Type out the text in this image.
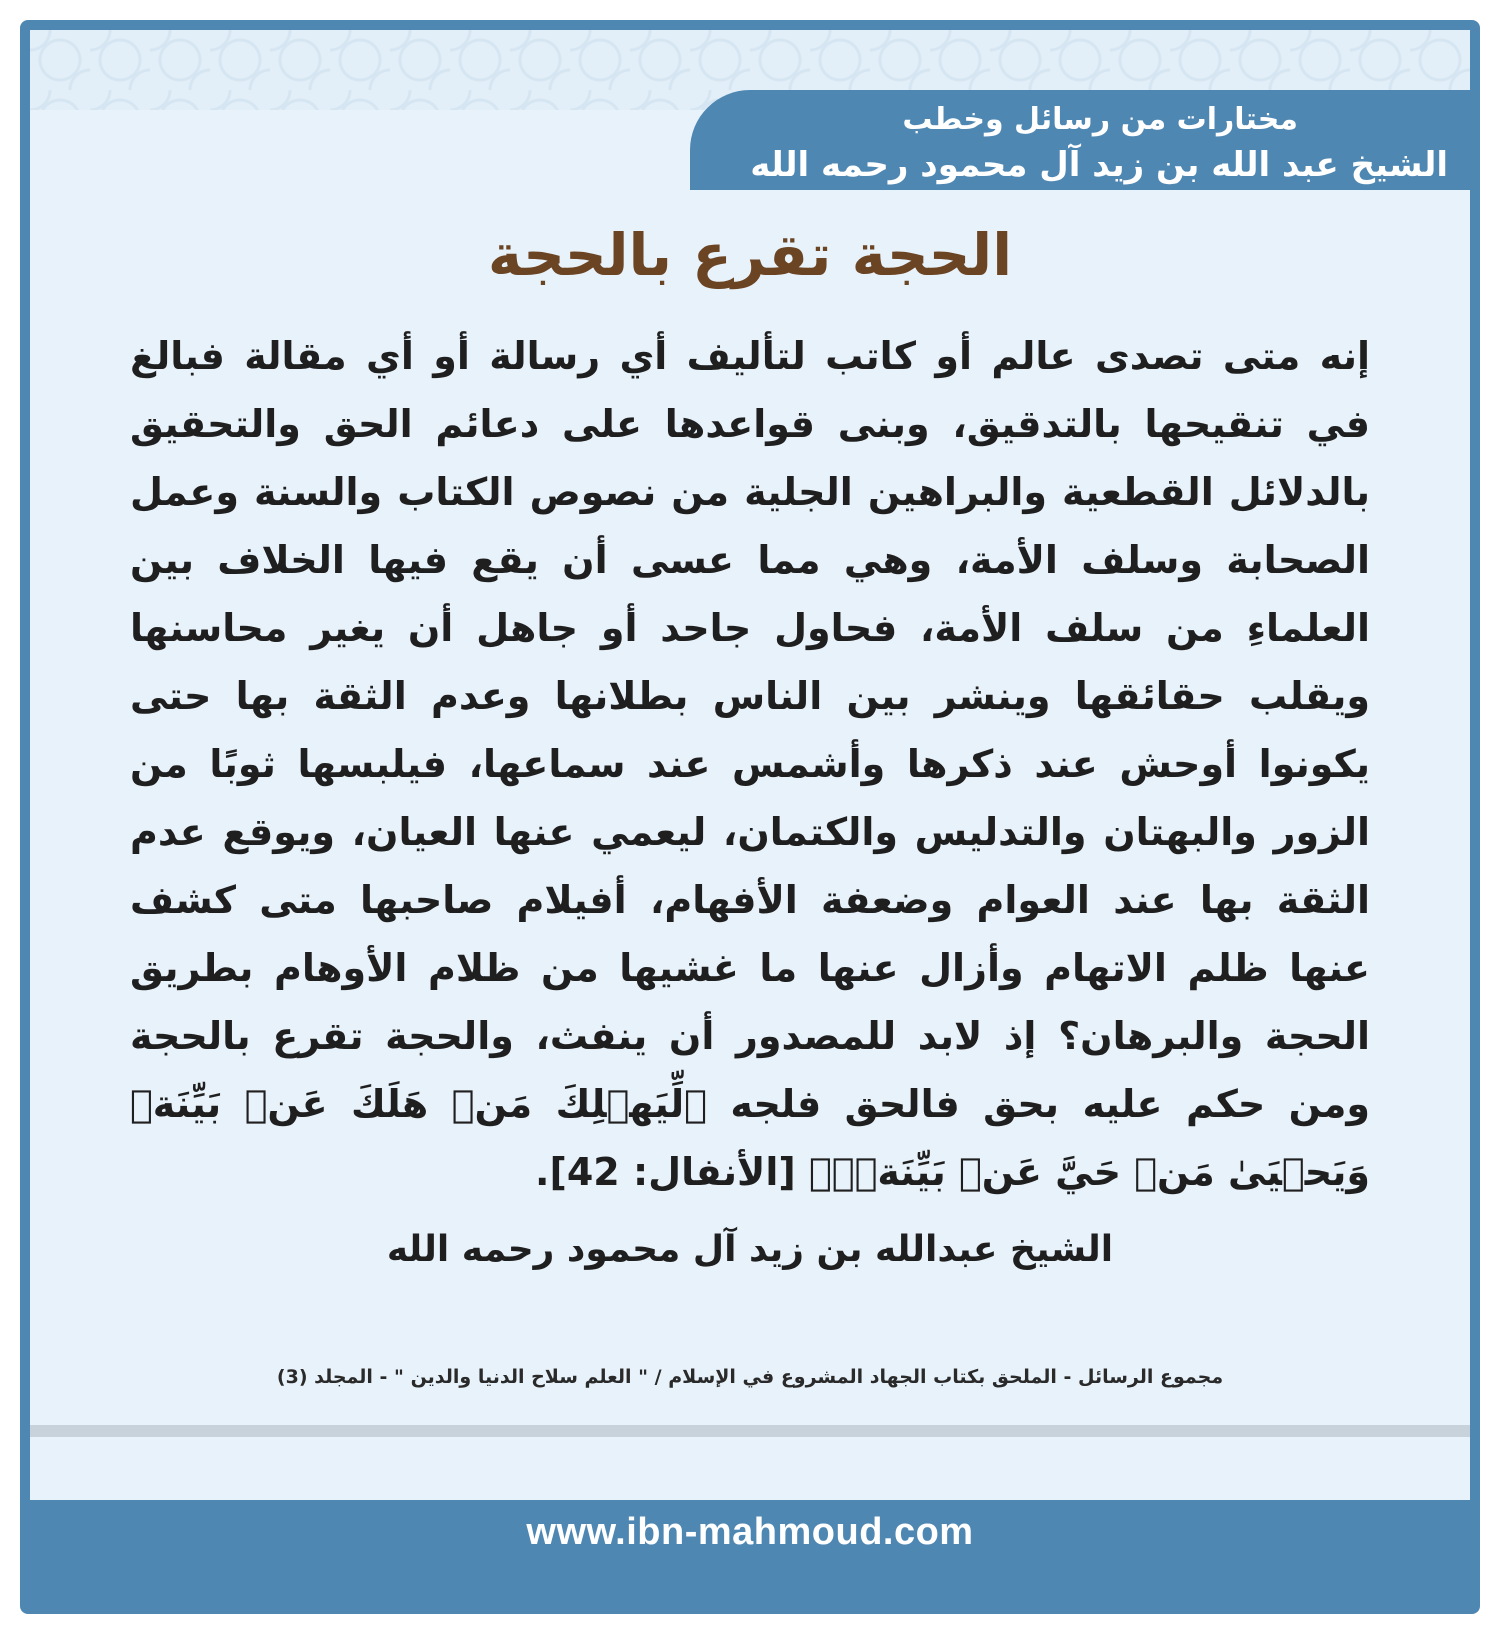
مختارات من رسائل وخطب
الشيخ عبد الله بن زيد آل محمود رحمه الله
الحجة تقرع بالحجة
إنه متى تصدى عالم أو كاتب لتأليف أي رسالة أو أي مقالة فبالغ في تنقيحها بالتدقيق، وبنى قواعدها على دعائم الحق والتحقيق بالدلائل القطعية والبراهين الجلية من نصوص الكتاب والسنة وعمل الصحابة وسلف الأمة، وهي مما عسى أن يقع فيها الخلاف بين العلماءِ من سلف الأمة، فحاول جاحد أو جاهل أن يغير محاسنها ويقلب حقائقها وينشر بين الناس بطلانها وعدم الثقة بها حتى يكونوا أوحش عند ذكرها وأشمس عند سماعها، فيلبسها ثوبًا من الزور والبهتان والتدليس والكتمان، ليعمي عنها العيان، ويوقع عدم الثقة بها عند العوام وضعفة الأفهام، أفيلام صاحبها متى كشف عنها ظلم الاتهام وأزال عنها ما غشيها من ظلام الأوهام بطريق الحجة والبرهان؟ إذ لابد للمصدور أن ينفث، والحجة تقرع بالحجة ومن حكم عليه بحق فالحق فلجه ﴿لِّيَهۡلِكَ مَنۡ هَلَكَ عَنۢ بَيِّنَةٖ وَيَحۡيَىٰ مَنۡ حَيَّ عَنۢ بَيِّنَةٖۗ﴾ [الأنفال: 42].
الشيخ عبدالله بن زيد آل محمود رحمه الله
مجموع الرسائل - الملحق بكتاب الجهاد المشروع في الإسلام / " العلم سلاح الدنيا والدين " - المجلد (3)
www.ibn-mahmoud.com
